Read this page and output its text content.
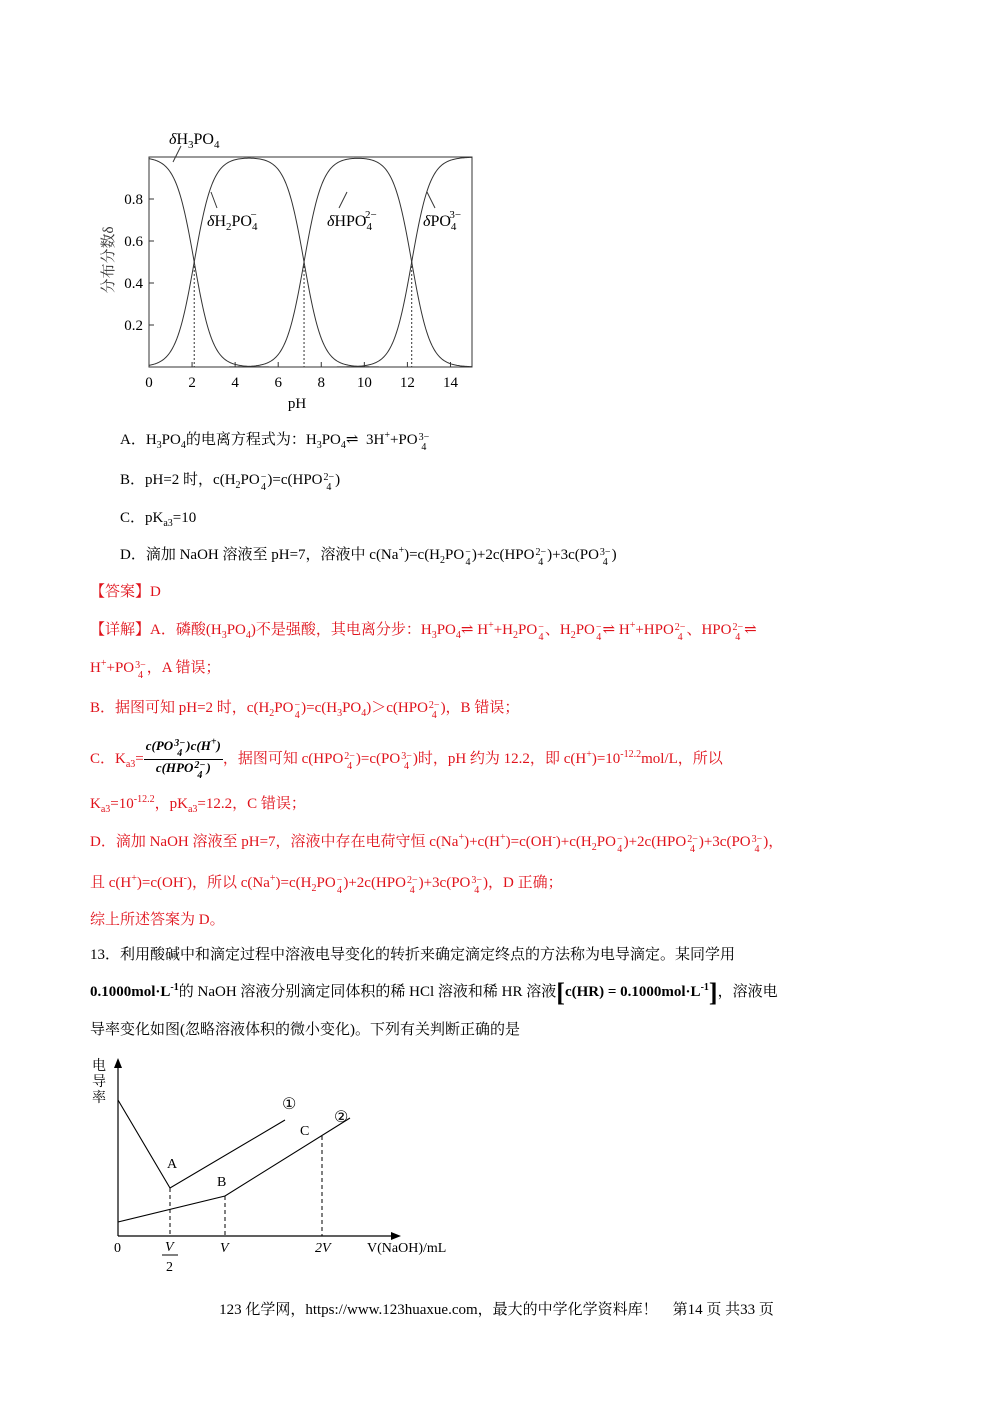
0 2 4 6 8 10 12 14
0.2
0.4
0.6
0.8
pH
分布分数δ
$\delta H_3PO_4$
$\delta H_2PO_4-$	δHPO$_4$2−	δPO$_4$3−
A．$H_3PO_4$的电离方程式为：$H_3PO_4\rightleftharpoons$ 3H++PO 3−
4
B．pH=2 时，$c(H_2PO$ −
4 )=c(HPO 2−
4 )
C．$pK_{a3}=10$
D．滴加 NaOH 溶液至 pH=7，溶液中 $c(Na^+)=c(H_2PO$ −
4 )+2c(HPO 2−
4 )+3c(PO 3−
4 )
【答案】D
【详解】A．磷酸$(H_3PO_4)$不是强酸，其电离分步：$H_3PO_4\rightleftharpoons$ $H^++H_2PO$ −
4 、$H_2PO$ −
4 ⇌ H++HPO 2−
4 、HPO 2−
4 ⇌
H++PO 3−
4 ，A 错误；
B．据图可知 pH=2 时，$c(H_2PO$ −
4 )$=c(H_3PO_4)>c(HPO$ 2−
4 )，B 错误；
C．$K_{a3}= c(PO$ 3−
4
)c(H+)
c(HPO 2−
4
) ，据图可知 c(HPO 2−
4 )=c(PO 3−
4 )时，pH 约为 12.2，即 $c(H^+)=10^{-12.2}mol/L$，所以
$K_{a3}=10^{-12.2}$，$pK_{a3}=12.2$，C 错误；
D．滴加 NaOH 溶液至 pH=7，溶液中存在电荷守恒 $c(Na^+)+c(H^+)=c(OH^-)+c(H_2PO$ −
4 )+2c(HPO 2−
4 )+3c(PO 3−
4 )，
且 c(H+)=c(OH-)，所以 $c(Na^+)=c(H_2PO$ −
4 )+2c(HPO 2−
4 )+3c(PO 3−
4 )，D 正确；
综上所述答案为 D。
13．利用酸碱中和滴定过程中溶液电导变化的转折来确定滴定终点的方法称为电导滴定。某同学用
$0.1000mol\cdot L^{-1}$的 NaOH 溶液分别滴定同体积的稀 HCl 溶液和稀 HR 溶液$[c(HR) = 0.1000mol\cdot L^{-1}]$，溶液电
导率变化如图(忽略溶液体积的微小变化)。下列有关判断正确的是
电
导
率
0
A
B
C
①
②
V
2
V	2V	V(NaOH)/mL
123 化学网，https://www.123huaxue.com，最大的中学化学资料库！　第14 页 共33 页
